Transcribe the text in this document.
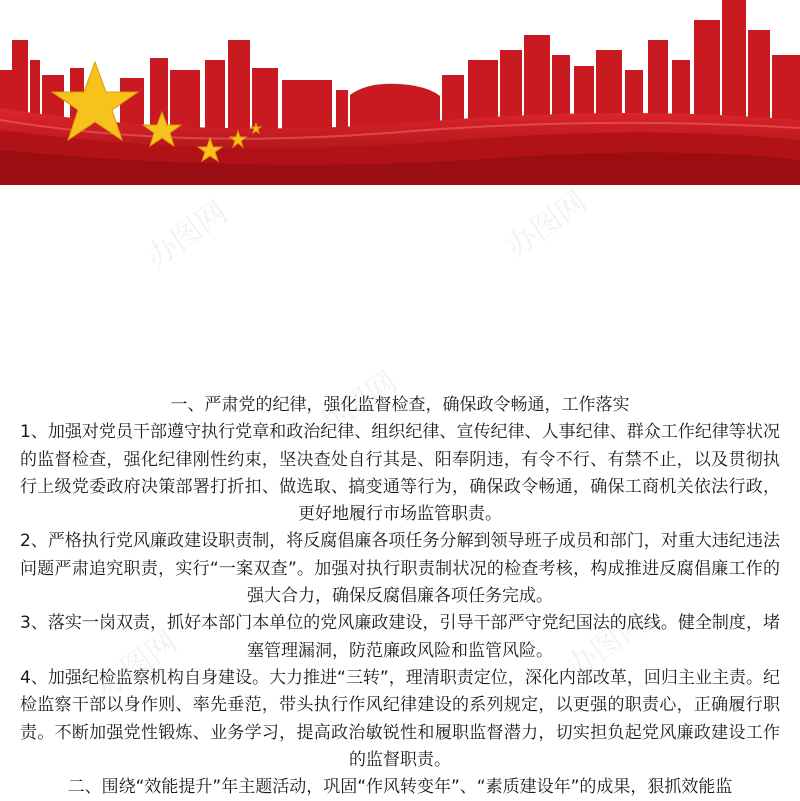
办图网	办图网
办图网
办图网	办图网

一、严肃党的纪律，强化监督检查，确保政令畅通，工作落实

1、加强对党员干部遵守执行党章和政治纪律、组织纪律、宣传纪律、人事纪律、群众工作纪律等状况的监督检查，强化纪律刚性约束，坚决查处自行其是、阳奉阴违，有令不行、有禁不止，以及贯彻执行上级党委政府决策部署打折扣、做选取、搞变通等行为，确保政令畅通，确保工商机关依法行政，更好地履行市场监管职责。

2、严格执行党风廉政建设职责制，将反腐倡廉各项任务分解到领导班子成员和部门，对重大违纪违法问题严肃追究职责，实行“一案双查”。加强对执行职责制状况的检查考核，构成推进反腐倡廉工作的强大合力，确保反腐倡廉各项任务完成。

3、落实一岗双责，抓好本部门本单位的党风廉政建设，引导干部严守党纪国法的底线。健全制度，堵塞管理漏洞，防范廉政风险和监管风险。

4、加强纪检监察机构自身建设。大力推进“三转”，理清职责定位，深化内部改革，回归主业主责。纪检监察干部以身作则、率先垂范，带头执行作风纪律建设的系列规定，以更强的职责心，正确履行职责。不断加强党性锻炼、业务学习，提高政治敏锐性和履职监督潜力，切实担负起党风廉政建设工作的监督职责。

二、围绕“效能提升”年主题活动，巩固“作风转变年”、“素质建设年”的成果，狠抓效能监
